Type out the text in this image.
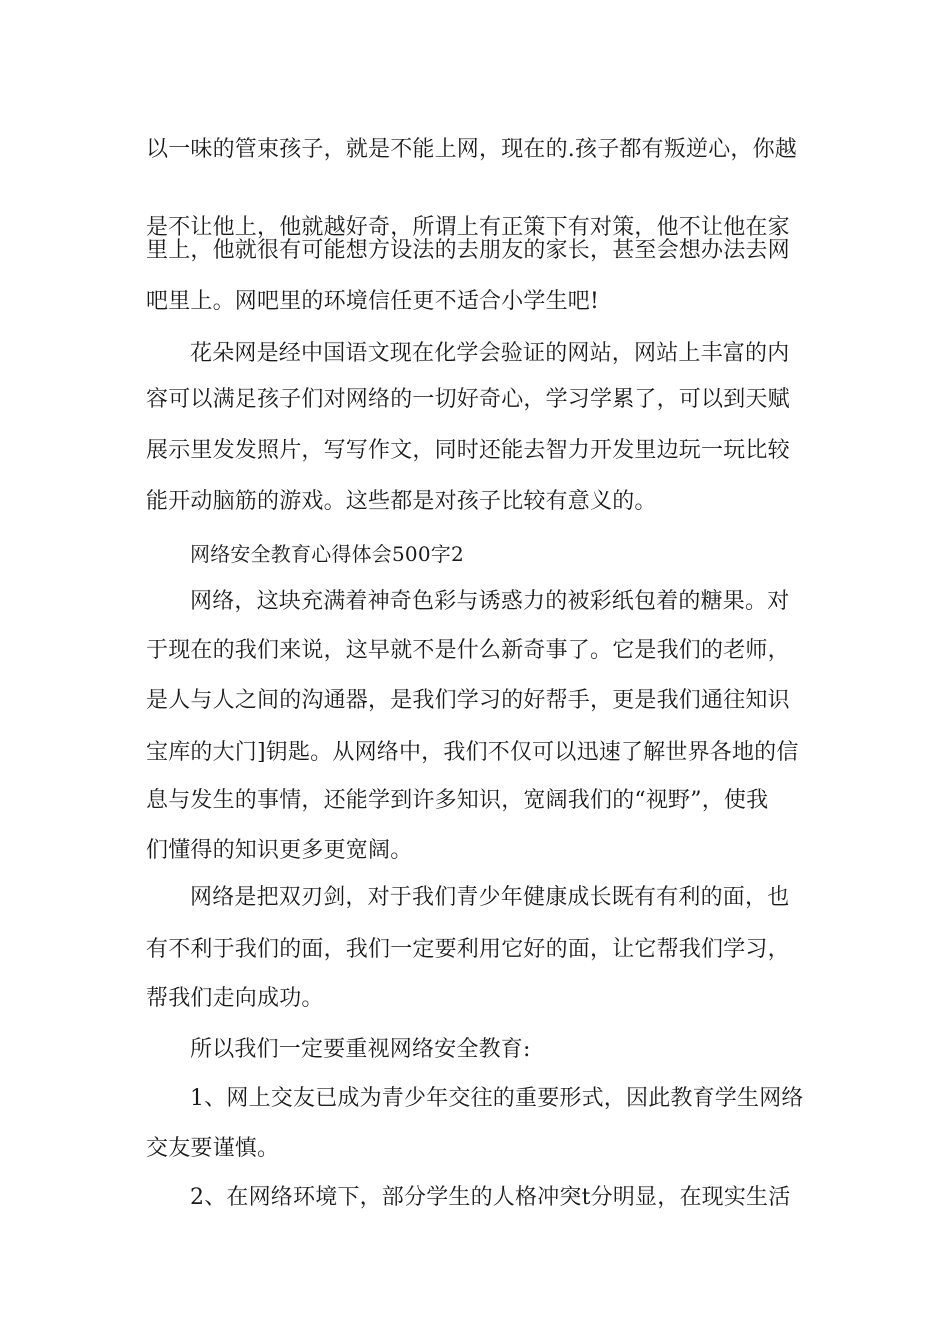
以一味的管束孩子，就是不能上网，现在的.孩子都有叛逆心，你越
是不让他上，他就越好奇，所谓上有正策下有对策，他不让他在家
里上，他就很有可能想方设法的去朋友的家长，甚至会想办法去网
吧里上。网吧里的环境信任更不适合小学生吧!
花朵网是经中国语文现在化学会验证的网站，网站上丰富的内
容可以满足孩子们对网络的一切好奇心，学习学累了，可以到天赋
展示里发发照片，写写作文，同时还能去智力开发里边玩一玩比较
能开动脑筋的游戏。这些都是对孩子比较有意义的。
网络安全教育心得体会500字2
网络，这块充满着神奇色彩与诱惑力的被彩纸包着的糖果。对
于现在的我们来说，这早就不是什么新奇事了。它是我们的老师，
是人与人之间的沟通器，是我们学习的好帮手，更是我们通往知识
宝库的大门]钥匙。从网络中，我们不仅可以迅速了解世界各地的信
息与发生的事情，还能学到许多知识，宽阔我们的“视野”，使我
们懂得的知识更多更宽阔。
网络是把双刃剑，对于我们青少年健康成长既有有利的面，也
有不利于我们的面，我们一定要利用它好的面，让它帮我们学习，
帮我们走向成功。
所以我们一定要重视网络安全教育:
1、网上交友已成为青少年交往的重要形式，因此教育学生网络
交友要谨慎。
2、在网络环境下，部分学生的人格冲突t分明显，在现实生活
